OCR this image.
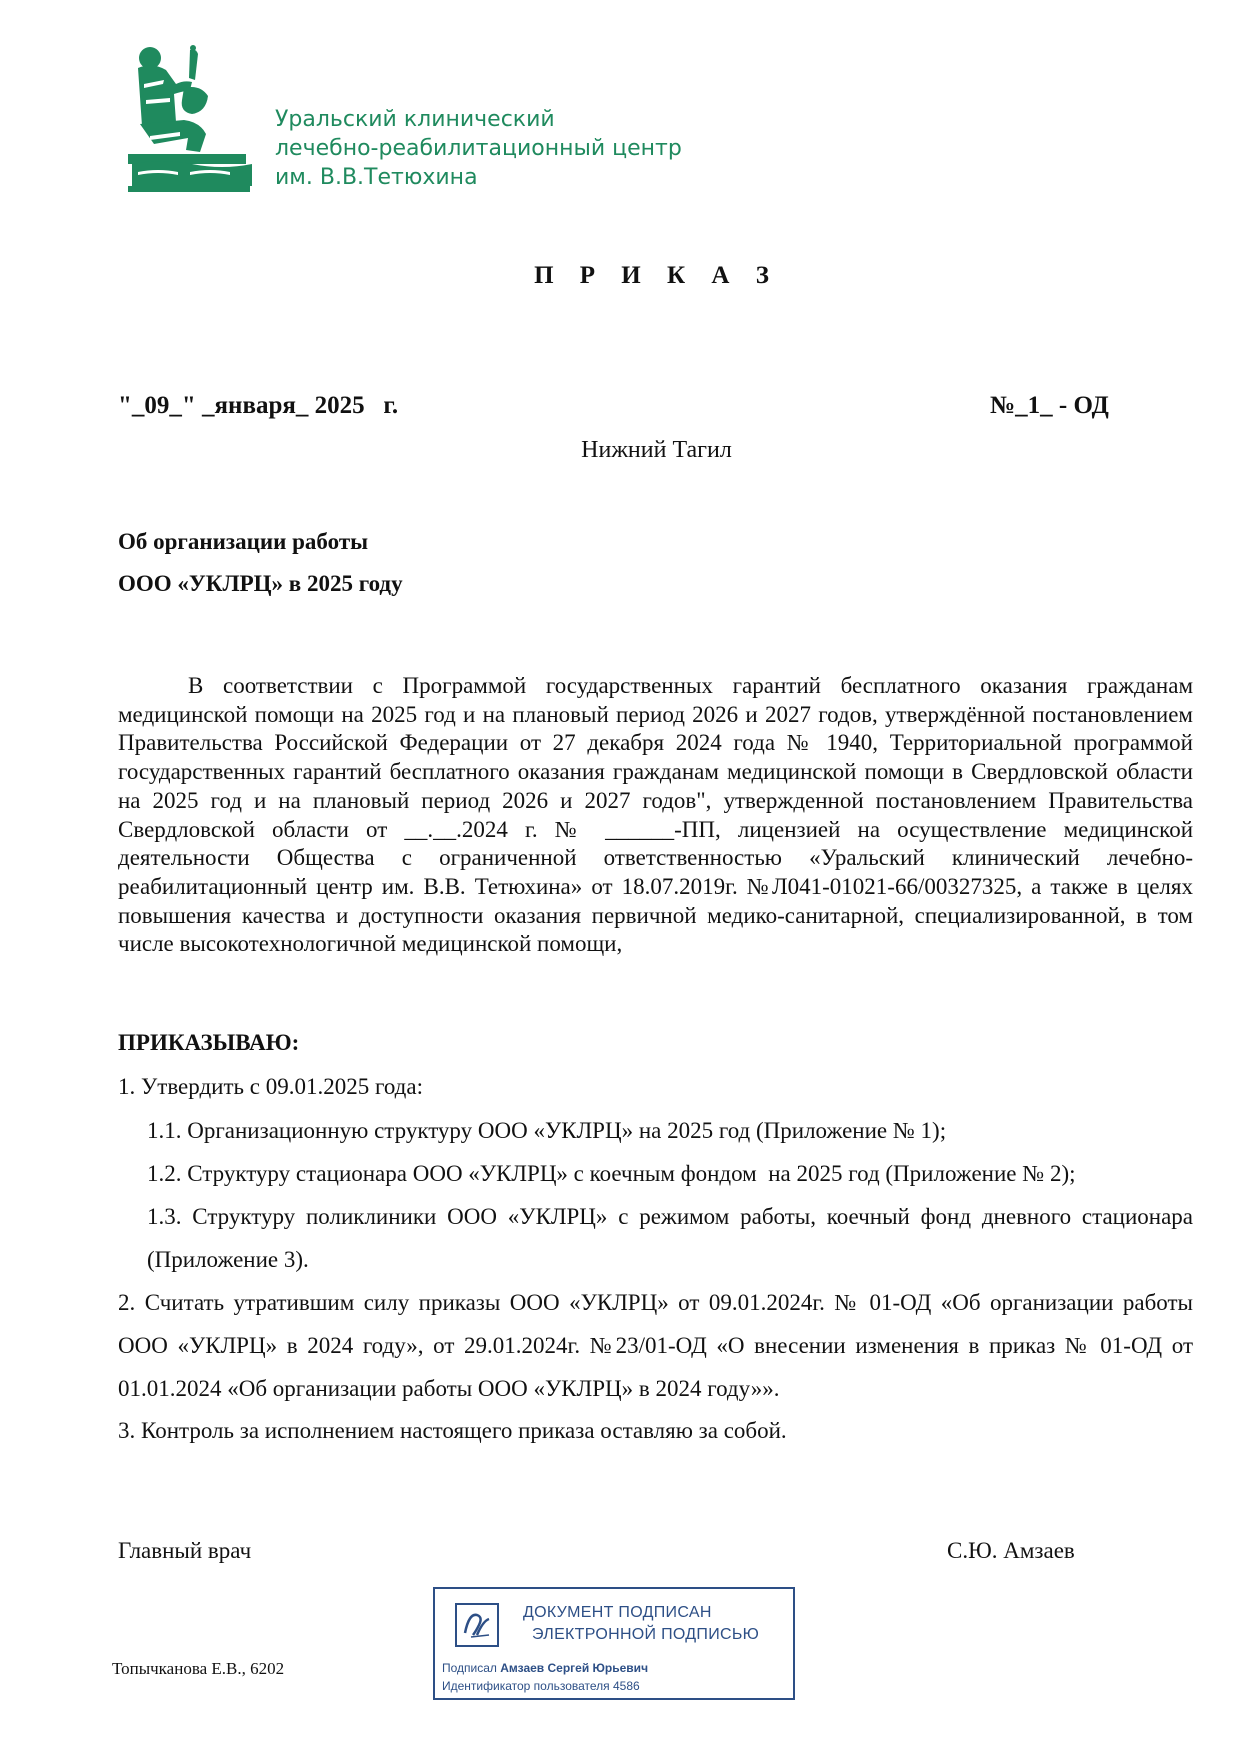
Уральский клинический
лечебно-реабилитационный центр
им. В.В.Тетюхина
П Р И К А З
"_09_" _января_ 2025   г.	№_1_ - ОД
Нижний Тагил
Об организации работы
ООО «УКЛРЦ» в 2025 году
В соответствии с Программой государственных гарантий бесплатного оказания гражданам медицинской помощи на 2025 год и на плановый период 2026 и 2027 годов, утверждённой постановлением Правительства Российской Федерации от 27 декабря 2024 года № 1940, Территориальной программой государственных гарантий бесплатного оказания гражданам медицинской помощи в Свердловской области на 2025 год и на плановый период 2026 и 2027 годов", утвержденной постановлением Правительства Свердловской области от __.__.2024 г. № ______-ПП, лицензией на осуществление медицинской деятельности Общества с ограниченной ответственностью «Уральский клинический лечебно-реабилитационный центр им. В.В. Тетюхина» от 18.07.2019г. №Л041-01021-66/00327325, а также в целях повышения качества и доступности оказания первичной медико-санитарной, специализированной, в том числе высокотехнологичной медицинской помощи,
ПРИКАЗЫВАЮ:
1. Утвердить с 09.01.2025 года:
1.1. Организационную структуру ООО «УКЛРЦ» на 2025 год (Приложение № 1);
1.2. Структуру стационара ООО «УКЛРЦ» с коечным фондом  на 2025 год (Приложение № 2);
1.3. Структуру поликлиники ООО «УКЛРЦ» с режимом работы, коечный фонд дневного стационара (Приложение 3).
2. Считать утратившим силу приказы ООО «УКЛРЦ» от 09.01.2024г. № 01-ОД «Об организации работы ООО «УКЛРЦ» в 2024 году», от 29.01.2024г. №23/01-ОД «О внесении изменения в приказ № 01-ОД от 01.01.2024 «Об организации работы ООО «УКЛРЦ» в 2024 году»».
3. Контроль за исполнением настоящего приказа оставляю за собой.
Главный врач	С.Ю. Амзаев
ДОКУМЕНТ ПОДПИСАН
ЭЛЕКТРОННОЙ ПОДПИСЬЮ
Подписал Амзаев Сергей Юрьевич
Идентификатор пользователя 4586
Топычканова Е.В., 6202
